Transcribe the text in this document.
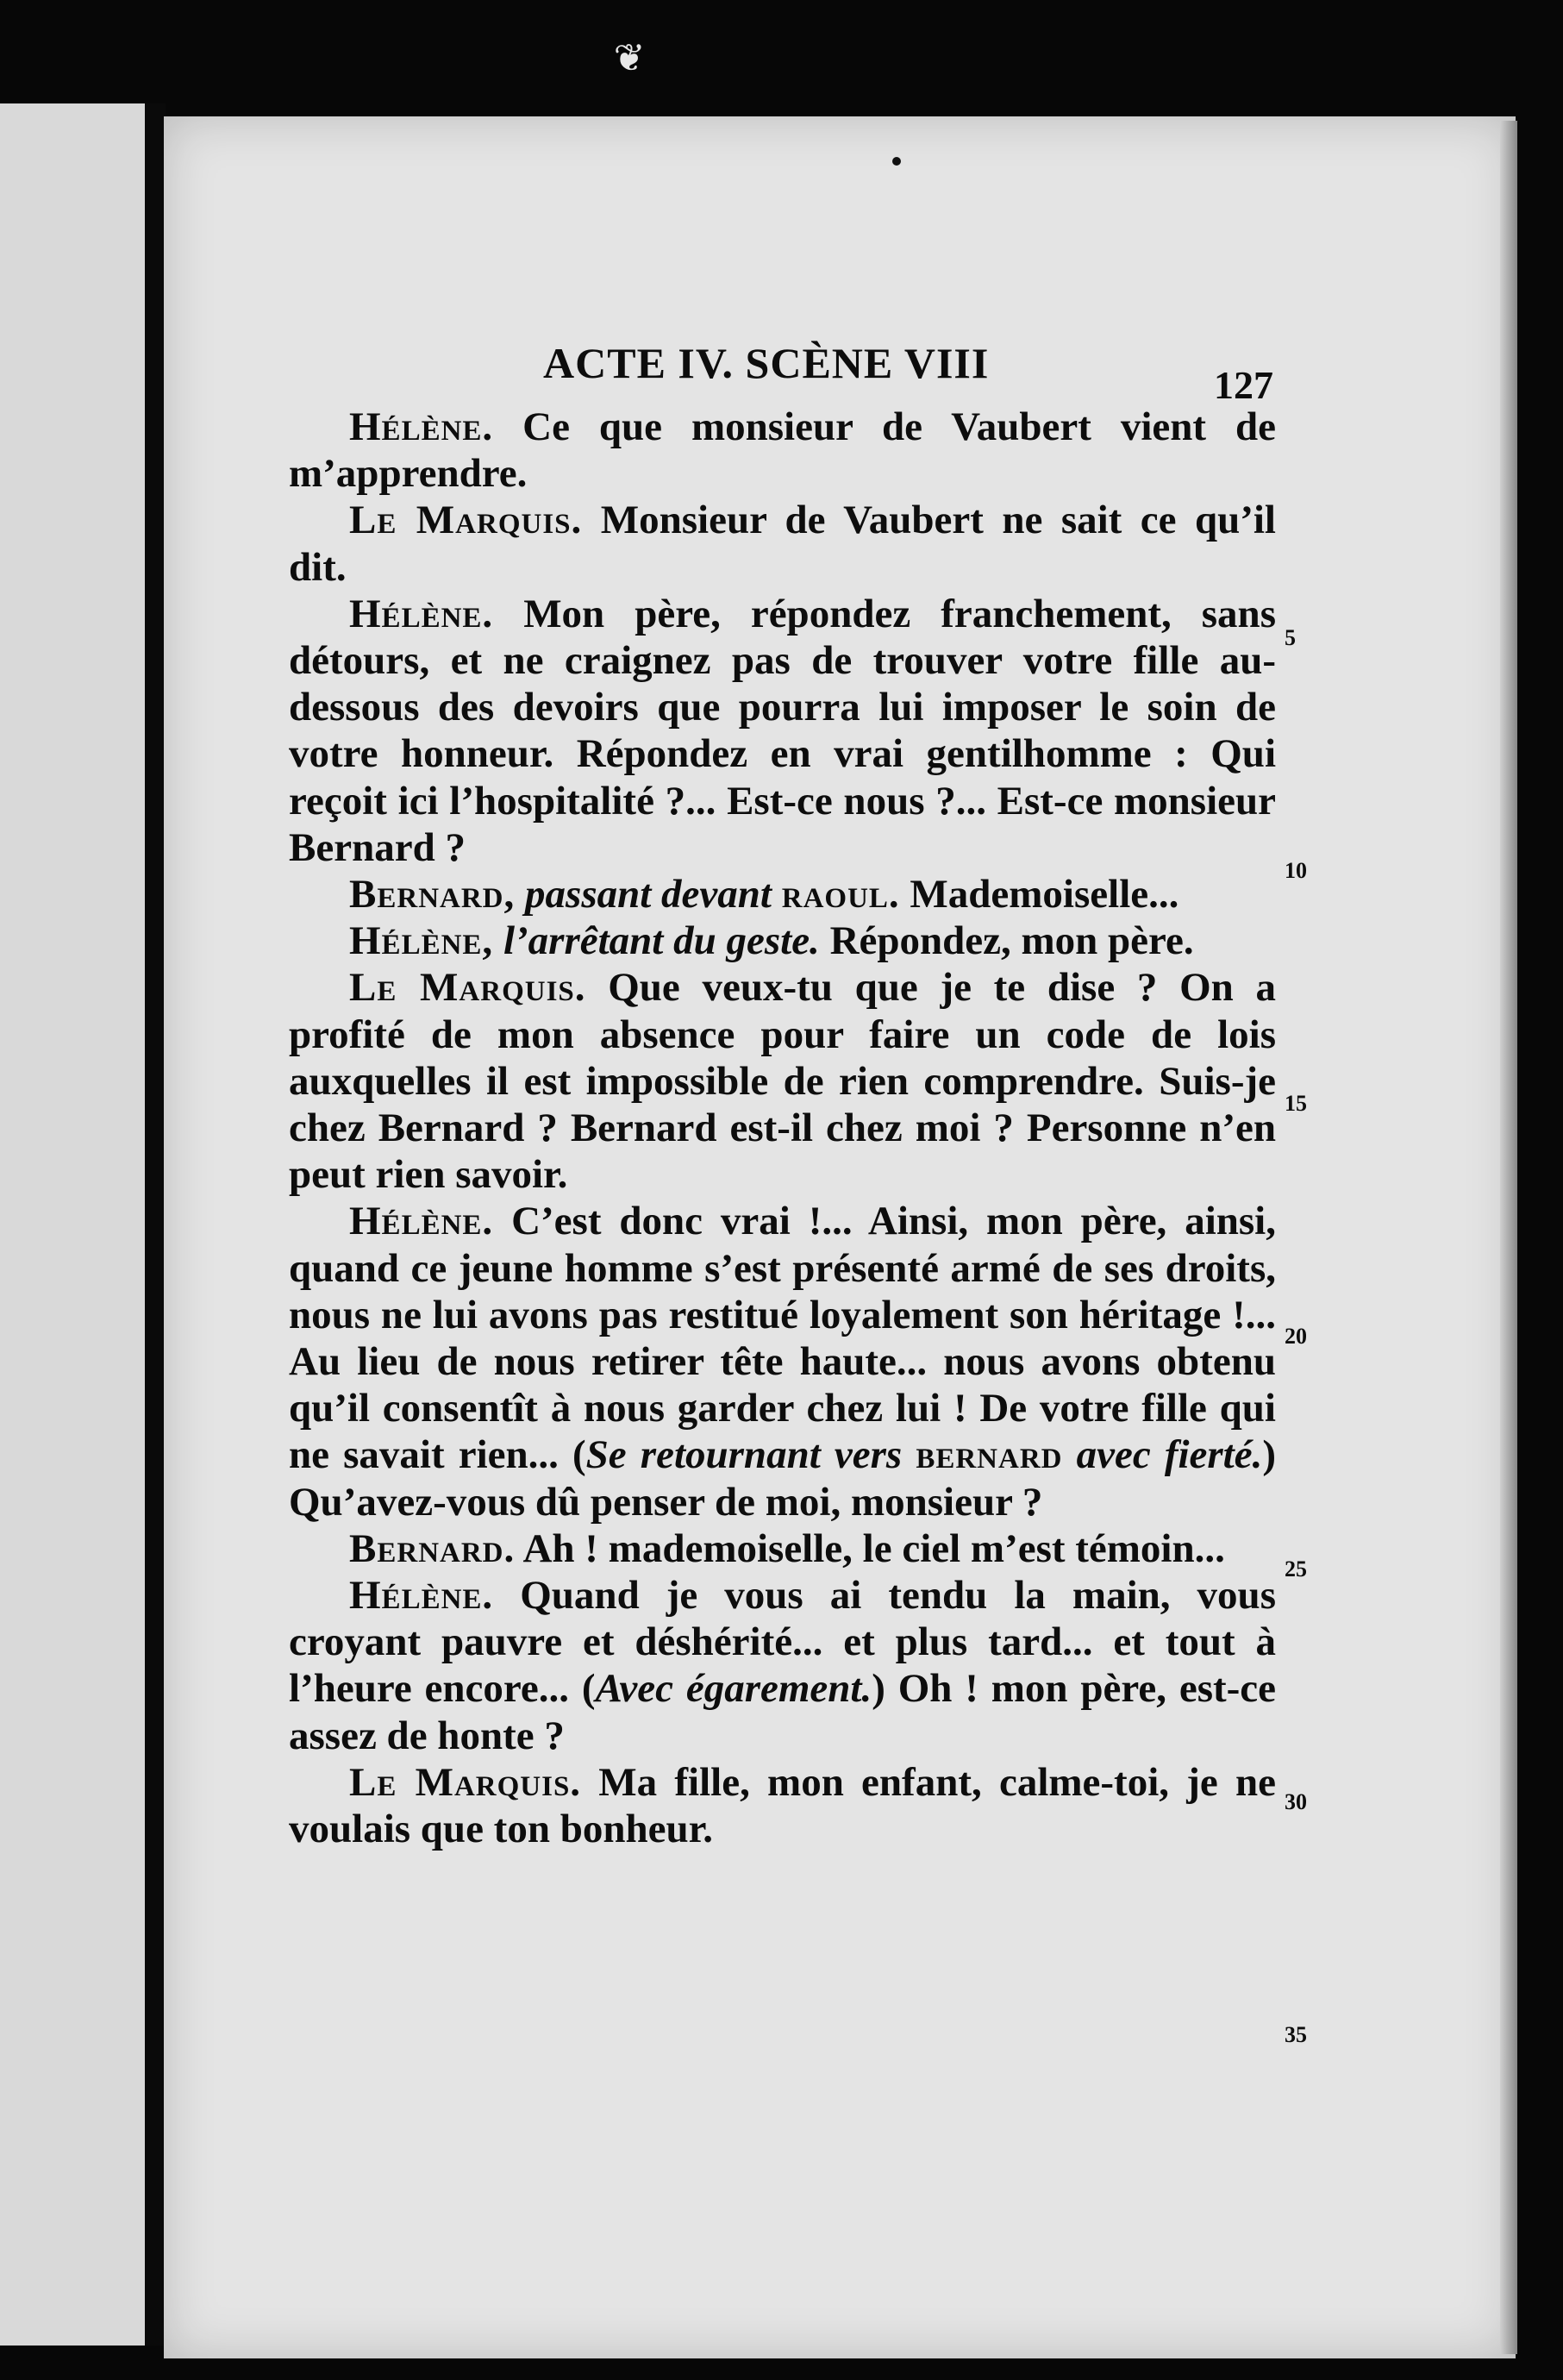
❦
ACTE IV. SCÈNE VIII	127

Hélène. Ce que monsieur de Vaubert vient de m’apprendre.

Le Marquis. Monsieur de Vaubert ne sait ce qu’il dit.

Hélène. Mon père, répondez franchement, sans détours, et ne craignez pas de trouver votre fille au-dessous des devoirs que pourra lui imposer le soin de votre honneur. Répondez en vrai gentilhomme : Qui reçoit ici l’hospitalité ?... Est-ce nous ?... Est-ce monsieur Bernard ?

Bernard, passant devant raoul. Mademoiselle...

Hélène, l’arrêtant du geste. Répondez, mon père.

Le Marquis. Que veux-tu que je te dise ? On a profité de mon absence pour faire un code de lois auxquelles il est impossible de rien comprendre. Suis-je chez Bernard ? Bernard est-il chez moi ? Personne n’en peut rien savoir.

Hélène. C’est donc vrai !... Ainsi, mon père, ainsi, quand ce jeune homme s’est présenté armé de ses droits, nous ne lui avons pas restitué loyalement son héritage !... Au lieu de nous retirer tête haute... nous avons obtenu qu’il consentît à nous garder chez lui ! De votre fille qui ne savait rien... (Se retournant vers bernard avec fierté.) Qu’avez-vous dû penser de moi, monsieur ?

Bernard. Ah ! mademoiselle, le ciel m’est témoin...

Hélène. Quand je vous ai tendu la main, vous croyant pauvre et déshérité... et plus tard... et tout à l’heure encore... (Avec égarement.) Oh ! mon père, est-ce assez de honte ?

Le Marquis. Ma fille, mon enfant, calme-toi, je ne voulais que ton bonheur.

5
10
15
20
25
30
35
